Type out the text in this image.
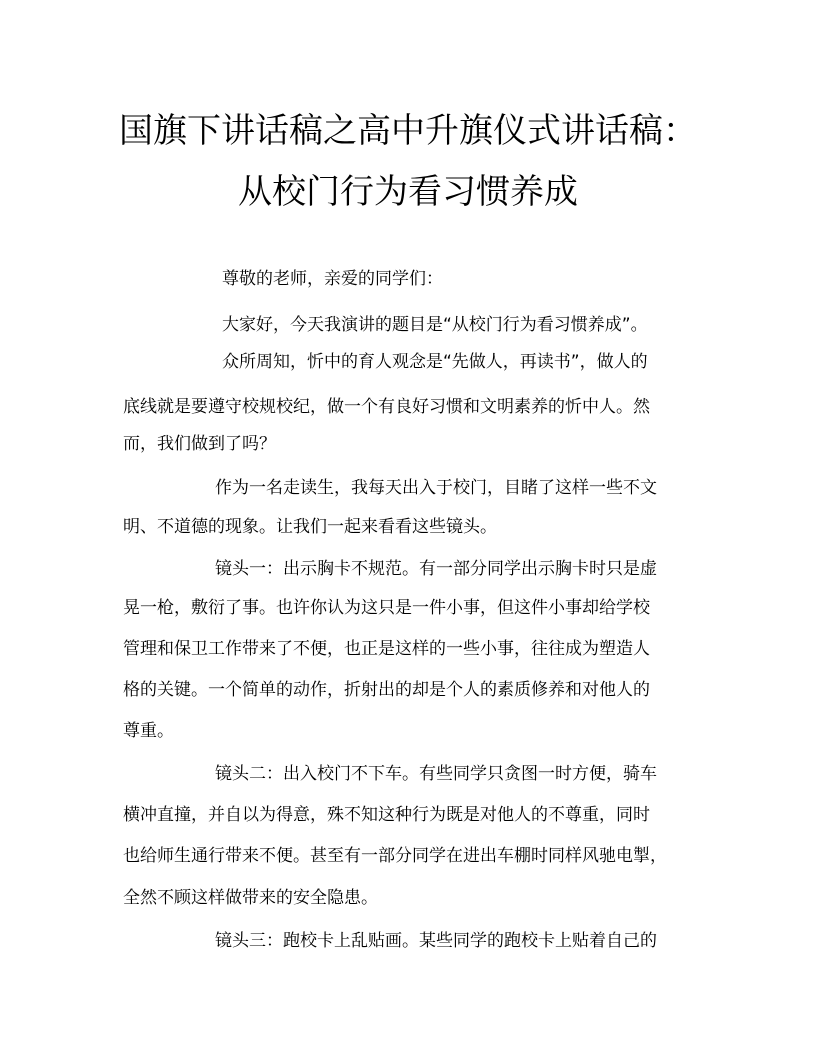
国旗下讲话稿之高中升旗仪式讲话稿：
从校门行为看习惯养成

尊敬的老师，亲爱的同学们：

大家好，今天我演讲的题目是“从校门行为看习惯养成”。

众所周知，忻中的育人观念是“先做人，再读书”，做人的

底线就是要遵守校规校纪，做一个有良好习惯和文明素养的忻中人。然

而，我们做到了吗？

作为一名走读生，我每天出入于校门，目睹了这样一些不文

明、不道德的现象。让我们一起来看看这些镜头。

镜头一：出示胸卡不规范。有一部分同学出示胸卡时只是虚

晃一枪，敷衍了事。也许你认为这只是一件小事，但这件小事却给学校

管理和保卫工作带来了不便，也正是这样的一些小事，往往成为塑造人

格的关键。一个简单的动作，折射出的却是个人的素质修养和对他人的

尊重。

镜头二：出入校门不下车。有些同学只贪图一时方便，骑车

横冲直撞，并自以为得意，殊不知这种行为既是对他人的不尊重，同时

也给师生通行带来不便。甚至有一部分同学在进出车棚时同样风驰电掣，

全然不顾这样做带来的安全隐患。

镜头三：跑校卡上乱贴画。某些同学的跑校卡上贴着自己的
